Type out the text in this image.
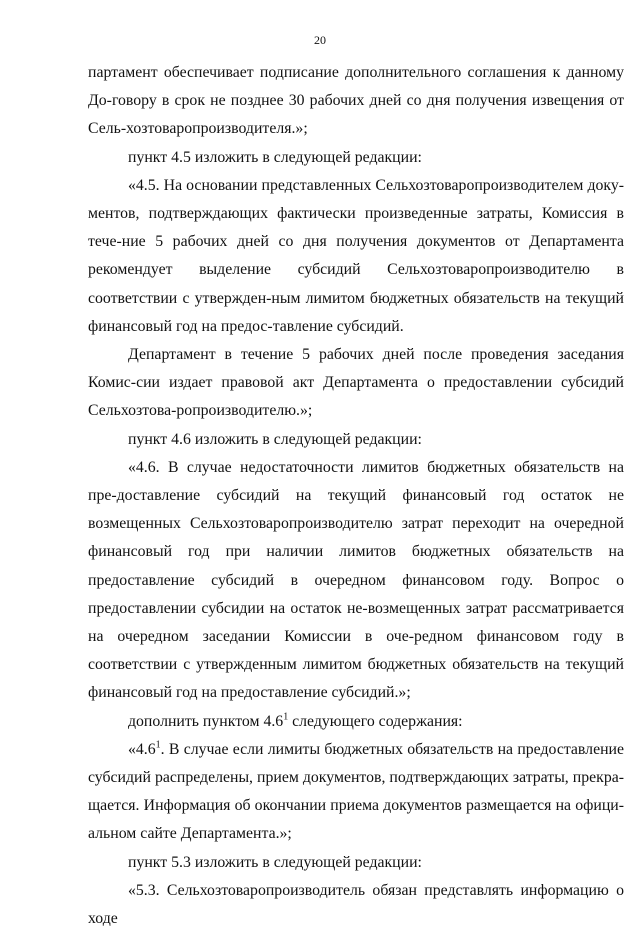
20

партамент обеспечивает подписание дополнительного соглашения к данному До-говору в срок не позднее 30 рабочих дней со дня получения извещения от Сель-хозтоваропроизводителя.»;

пункт 4.5 изложить в следующей редакции:

«4.5. На основании представленных Сельхозтоваропроизводителем доку-ментов, подтверждающих фактически произведенные затраты, Комиссия в тече-ние 5 рабочих дней со дня получения документов от Департамента рекомендует выделение субсидий Сельхозтоваропроизводителю в соответствии с утвержден-ным лимитом бюджетных обязательств на текущий финансовый год на предос-тавление субсидий.

Департамент в течение 5 рабочих дней после проведения заседания Комис-сии издает правовой акт Департамента о предоставлении субсидий Сельхозтова-ропроизводителю.»;

пункт 4.6 изложить в следующей редакции:

«4.6. В случае недостаточности лимитов бюджетных обязательств на пре-доставление субсидий на текущий финансовый год остаток не возмещенных Сельхозтоваропроизводителю затрат переходит на очередной финансовый год при наличии лимитов бюджетных обязательств на предоставление субсидий в очередном финансовом году. Вопрос о предоставлении субсидии на остаток не-возмещенных затрат рассматривается на очередном заседании Комиссии в оче-редном финансовом году в соответствии с утвержденным лимитом бюджетных обязательств на текущий финансовый год на предоставление субсидий.»;

дополнить пунктом $4.6^1$ следующего содержания:

«$4.6^1$. В случае если лимиты бюджетных обязательств на предоставление субсидий распределены, прием документов, подтверждающих затраты, прекра-щается. Информация об окончании приема документов размещается на офици-альном сайте Департамента.»;

пункт 5.3 изложить в следующей редакции:

«5.3. Сельхозтоваропроизводитель обязан представлять информацию о ходе
